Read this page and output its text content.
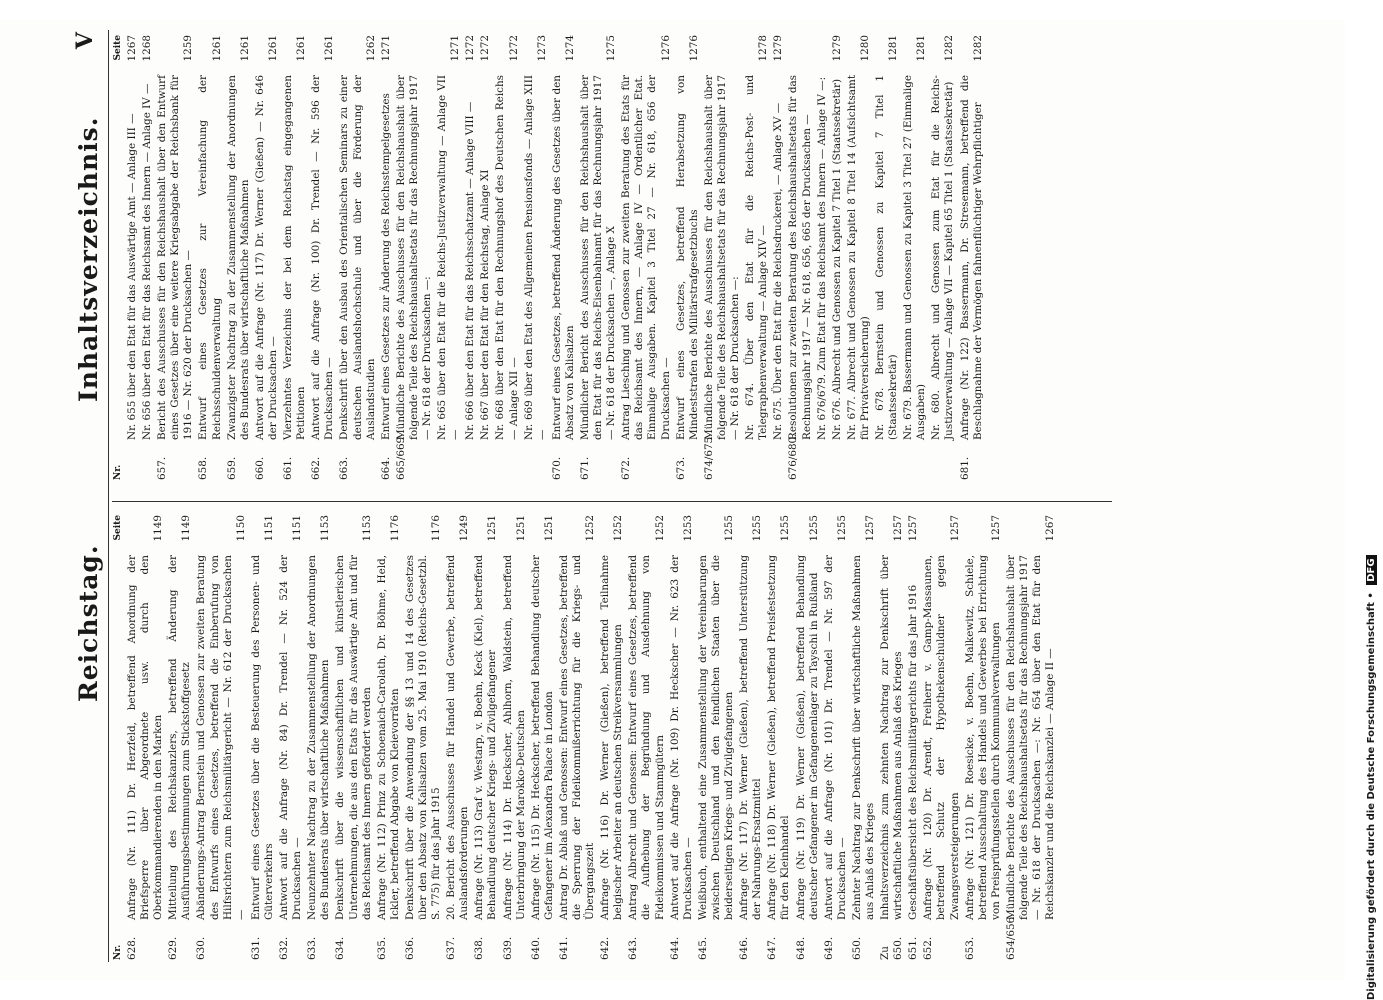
Reichstag.
Inhaltsverzeichnis.
V
Nr.
Seite
628.
Anfrage (Nr. 111) Dr. Herzfeld, betreffend Anordnung der Briefsperre über Abgeordnete usw. durch den Oberkommandierenden in den Marken
1149
629.
Mitteilung des Reichskanzlers, betreffend Änderung der Ausführungsbestimmungen zum Stickstoffgesetz
1149
630.
Abänderungs-Antrag Bernstein und Genossen zur zweiten Beratung des Entwurfs eines Gesetzes, betreffend die Einberufung von Hilfsrichtern zum Reichsmilitärgericht — Nr. 612 der Drucksachen —
1150
631.
Entwurf eines Gesetzes über die Besteuerung des Personen- und Güterverkehrs
1151
632.
Antwort auf die Anfrage (Nr. 84) Dr. Trendel — Nr. 524 der Drucksachen —
1151
633.
Neunzehnter Nachtrag zu der Zusammenstellung der Anordnungen des Bundesrats über wirtschaftliche Maßnahmen
1153
634.
Denkschrift über die wissenschaftlichen und künstlerischen Unternehmungen, die aus den Etats für das Auswärtige Amt und für das Reichsamt des Innern gefördert werden
1153
635.
Anfrage (Nr. 112) Prinz zu Schoenaich-Carolath, Dr. Böhme, Held, Ickler, betreffend Abgabe von Kleievorräten
1176
636.
Denkschrift über die Anwendung der §§ 13 und 14 des Gesetzes über den Absatz von Kalisalzen vom 25. Mai 1910 (Reichs-Gesetzbl. S. 775) für das Jahr 1915
1176
637.
20. Bericht des Ausschusses für Handel und Gewerbe, betreffend Auslandsforderungen
1249
638.
Anfrage (Nr. 113) Graf v. Westarp, v. Boehn, Keck (Kiel), betreffend Behandlung deutscher Kriegs- und Zivilgefangener
1251
639.
Anfrage (Nr. 114) Dr. Heckscher, Ahlhorn, Waldstein, betreffend Unterbringung der Marokko-Deutschen
1251
640.
Anfrage (Nr. 115) Dr. Heckscher, betreffend Behandlung deutscher Gefangener im Alexandra Palace in London
1251
641.
Antrag Dr. Ablaß und Genossen: Entwurf eines Gesetzes, betreffend die Sperrung der Fideikommißerrichtung für die Kriegs- und Übergangszeit
1252
642.
Anfrage (Nr. 116) Dr. Werner (Gießen), betreffend Teilnahme belgischer Arbeiter an deutschen Streikversammlungen
1252
643.
Antrag Albrecht und Genossen: Entwurf eines Gesetzes, betreffend die Aufhebung der Begründung und Ausdehnung von Fideikommissen und Stammgütern
1252
644.
Antwort auf die Anfrage (Nr. 109) Dr. Heckscher — Nr. 623 der Drucksachen —
1253
645.
Weißbuch, enthaltend eine Zusammenstellung der Vereinbarungen zwischen Deutschland und den feindlichen Staaten über die beiderseitigen Kriegs- und Zivilgefangenen
1255
646.
Anfrage (Nr. 117) Dr. Werner (Gießen), betreffend Unterstützung der Nahrungs-Ersatzmittel
1255
647.
Anfrage (Nr. 118) Dr. Werner (Gießen), betreffend Preisfestsetzung für den Kleinhandel
1255
648.
Anfrage (Nr. 119) Dr. Werner (Gießen), betreffend Behandlung deutscher Gefangener im Gefangenenlager zu Tayschi in Rußland
1255
649.
Antwort auf die Anfrage (Nr. 101) Dr. Trendel — Nr. 597 der Drucksachen —
1255
650.
Zehnter Nachtrag zur Denkschrift über wirtschaftliche Maßnahmen aus Anlaß des Krieges
1257
Zu 650.
Inhaltsverzeichnis zum zehnten Nachtrag zur Denkschrift über wirtschaftliche Maßnahmen aus Anlaß des Krieges
1257
651.
Geschäftsübersicht des Reichsmilitärgerichts für das Jahr 1916
1257
652.
Anfrage (Nr. 120) Dr. Arendt, Freiherr v. Gamp-Massaunen, betreffend Schutz der Hypothekenschuldner gegen Zwangsversteigerungen
1257
653.
Anfrage (Nr. 121) Dr. Roesicke, v. Boehn, Malkewitz, Schiele, betreffend Ausschaltung des Handels und Gewerbes bei Errichtung von Preisprüfungsstellen durch Kommunalverwaltungen
1257
654/656.
Mündliche Berichte des Ausschusses für den Reichshaushalt über folgende Teile des Reichshaushaltsetats für das Rechnungsjahr 1917 — Nr. 618 der Drucksachen —: Nr. 654 über den Etat für den Reichskanzler und die Reichskanzlei — Anlage II —
1267
Nr.
Seite
Nr. 655 über den Etat für das Auswärtige Amt — Anlage III —
1267
Nr. 656 über den Etat für das Reichsamt des Innern — Anlage IV —
1268
657.
Bericht des Ausschusses für den Reichshaushalt über den Entwurf eines Gesetzes über eine weitere Kriegsabgabe der Reichsbank für 1916 — Nr. 620 der Drucksachen —
1259
658.
Entwurf eines Gesetzes zur Vereinfachung der Reichsschuldenverwaltung
1261
659.
Zwanzigster Nachtrag zu der Zusammenstellung der Anordnungen des Bundesrats über wirtschaftliche Maßnahmen
1261
660.
Antwort auf die Anfrage (Nr. 117) Dr. Werner (Gießen) — Nr. 646 der Drucksachen —
1261
661.
Vierzehntes Verzeichnis der bei dem Reichstag eingegangenen Petitionen
1261
662.
Antwort auf die Anfrage (Nr. 100) Dr. Trendel — Nr. 596 der Drucksachen —
1261
663.
Denkschrift über den Ausbau des Orientalischen Seminars zu einer deutschen Auslandshochschule und über die Förderung der Auslandstudien
1262
664.
Entwurf eines Gesetzes zur Änderung des Reichsstempelgesetzes
1271
665/669.
Mündliche Berichte des Ausschusses für den Reichshaushalt über folgende Teile des Reichshaushaltsetats für das Rechnungsjahr 1917 — Nr. 618 der Drucksachen —: Nr. 665 über den Etat für die Reichs-Justizverwaltung — Anlage VII —
1271
Nr. 666 über den Etat für das Reichsschatzamt — Anlage VIII —
1272
Nr. 667 über den Etat für den Reichstag, Anlage XI
1272
Nr. 668 über den Etat für den Rechnungshof des Deutschen Reichs — Anlage XII —
1272
Nr. 669 über den Etat des Allgemeinen Pensionsfonds — Anlage XIII —
1273
670.
Entwurf eines Gesetzes, betreffend Änderung des Gesetzes über den Absatz von Kalisalzen
1274
671.
Mündlicher Bericht des Ausschusses für den Reichshaushalt über den Etat für das Reichs-Eisenbahnamt für das Rechnungsjahr 1917 — Nr. 618 der Drucksachen —, Anlage X
1275
672.
Antrag Liesching und Genossen zur zweiten Beratung des Etats für das Reichsamt des Innern, — Anlage IV — Ordentlicher Etat. Einmalige Ausgaben. Kapitel 3 Titel 27 — Nr. 618, 656 der Drucksachen —
1276
673.
Entwurf eines Gesetzes, betreffend Herabsetzung von Mindeststrafen des Militärstrafgesetzbuchs
1276
674/675.
Mündliche Berichte des Ausschusses für den Reichshaushalt über folgende Teile des Reichshaushaltsetats für das Rechnungsjahr 1917 — Nr. 618 der Drucksachen —: Nr. 674. Über den Etat für die Reichs-Post- und Telegraphenverwaltung — Anlage XIV —
1278
Nr. 675. Über den Etat für die Reichsdruckerei, — Anlage XV —
1279
676/680.
Resolutionen zur zweiten Beratung des Reichshaushaltsetats für das Rechnungsjahr 1917 — Nr. 618, 656, 665 der Drucksachen — Nr. 676/679. Zum Etat für das Reichsamt des Innern — Anlage IV —: Nr. 676. Albrecht und Genossen zu Kapitel 7 Titel 1 (Staatssekretär)
1279
Nr. 677. Albrecht und Genossen zu Kapitel 8 Titel 14 (Aufsichtsamt für Privatversicherung)
1280
Nr. 678. Bernstein und Genossen zu Kapitel 7 Titel 1 (Staatssekretär)
1281
Nr. 679. Bassermann und Genossen zu Kapitel 3 Titel 27 (Einmalige Ausgaben)
1281
Nr. 680. Albrecht und Genossen zum Etat für die Reichs-Justizverwaltung — Anlage VII — Kapitel 65 Titel 1 (Staatssekretär)
1282
681.
Anfrage (Nr. 122) Bassermann, Dr. Stresemann, betreffend die Beschlagnahme der Vermögen fahnenflüchtiger Wehrpflichtiger
1282
Digitalisierung gefördert durch die Deutsche Forschungsgemeinschaft • DFG
